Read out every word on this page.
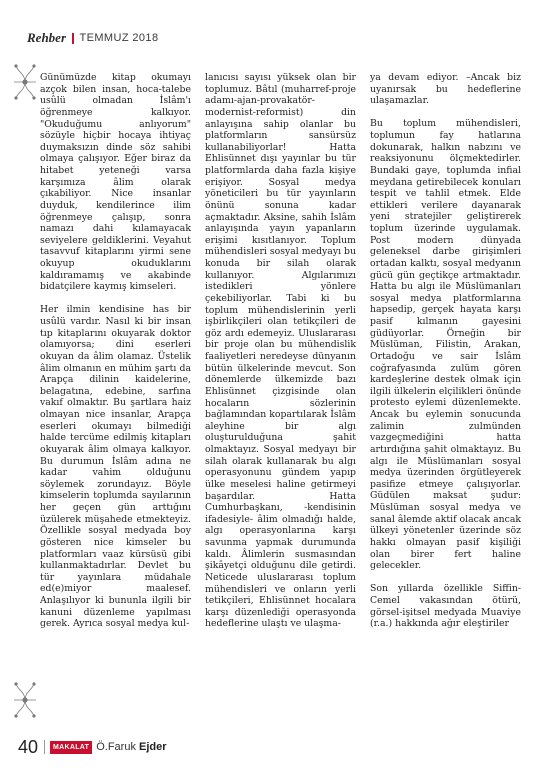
Rehber TEMMUZ 2018

Günümüzde kitap okumayı azçok bilen insan, hoca-talebe usûlü olmadan İslâm'ı öğrenmeye kalkıyor. "Okuduğumu anlıyorum" sözüyle hiçbir hocaya ihtiyaç duymaksızın dinde söz sahibi olmaya çalışıyor. Eğer biraz da hitabet yeteneği varsa karşımıza âlim olarak çıkabiliyor. Nice insanlar duyduk, kendilerince ilim öğrenmeye çalışıp, sonra namazı dahi kılamayacak seviyelere geldiklerini. Veyahut tasavvuf kitaplarını yirmi sene okuyup okuduklarını kaldıramamış ve akabinde bidatçilere kaymış kimseleri.

Her ilmin kendisine has bir usûlü vardır. Nasıl ki bir insan tıp kitaplarını okuyarak doktor olamıyorsa; dini eserleri okuyan da âlim olamaz. Üstelik âlim olmanın en mühim şartı da Arapça dilinin kaidelerine, belagatına, edebine, sarfına vakıf olmaktır. Bu şartlara haiz olmayan nice insanlar, Arapça eserleri okumayı bilmediği halde tercüme edilmiş kitapları okuyarak âlim olmaya kalkıyor. Bu durumun İslâm adına ne kadar vahim olduğunu söylemek zorundayız. Böyle kimselerin toplumda sayılarının her geçen gün arttığını üzülerek müşahede etmekteyiz. Özellikle sosyal medyada boy gösteren nice kimseler bu platformları vaaz kürsüsü gibi kullanmaktadırlar. Devlet bu tür yayınlara müdahale ed(e)miyor maalesef. Anlaşılıyor ki bununla ilgili bir kanuni düzenleme yapılması gerek. Ayrıca sosyal medya kul-

lanıcısı sayısı yüksek olan bir toplumuz. Bâtıl (muharref-proje adamı-ajan-provakatör-modernist-reformist) din anlayışına sahip olanlar bu platformların sansürsüz kullanabiliyorlar! Hatta Ehlisünnet dışı yayınlar bu tür platformlarda daha fazla kişiye erişiyor. Sosyal medya yöneticileri bu tür yayınların önünü sonuna kadar açmaktadır. Aksine, sahih İslâm anlayışında yayın yapanların erişimi kısıtlanıyor. Toplum mühendisleri sosyal medyayı bu konuda bir silah olarak kullanıyor. Algılarımızı istedikleri yönlere çekebiliyorlar. Tabi ki bu toplum mühendislerinin yerli işbirlikçileri olan tetikçileri de göz ardı edemeyiz. Uluslararası bir proje olan bu mühendislik faaliyetleri neredeyse dünyanın bütün ülkelerinde mevcut. Son dönemlerde ülkemizde bazı Ehlisünnet çizgisinde olan hocaların sözlerinin bağlamından kopartılarak İslâm aleyhine bir algı oluşturulduğuna şahit olmaktayız. Sosyal medyayı bir silah olarak kullanarak bu algı operasyonunu gündem yapıp ülke meselesi haline getirmeyi başardılar. Hatta Cumhurbaşkanı, -kendisinin ifadesiyle- âlim olmadığı halde, algı operasyonlarına karşı savunma yapmak durumunda kaldı. Âlimlerin susmasından şikâyetçi olduğunu dile getirdi. Neticede uluslararası toplum mühendisleri ve onların yerli tetikçileri, Ehlisünnet hocalara karşı düzenlediği operasyonda hedeflerine ulaştı ve ulaşma-

ya devam ediyor. –Ancak biz uyanırsak bu hedeflerine ulaşamazlar.

Bu toplum mühendisleri, toplumun fay hatlarına dokunarak, halkın nabzını ve reaksiyonunu ölçmektedirler. Bundaki gaye, toplumda infial meydana getirebilecek konuları tespit ve tahlil etmek. Elde ettikleri verilere dayanarak yeni stratejiler geliştirerek toplum üzerinde uygulamak. Post modern dünyada geleneksel darbe girişimleri ortadan kalktı, sosyal medyanın gücü gün geçtikçe artmaktadır. Hatta bu algı ile Müslümanları sosyal medya platformlarına hapsedip, gerçek hayata karşı pasif kılmanın gayesini güdüyorlar. Örneğin bir Müslüman, Filistin, Arakan, Ortadoğu ve sair İslâm coğrafyasında zulüm gören kardeşlerine destek olmak için ilgili ülkelerin elçilikleri önünde protesto eylemi düzenlemekte. Ancak bu eylemin sonucunda zalimin zulmünden vazgeçmediğini hatta artırdığına şahit olmaktayız. Bu algı ile Müslümanları sosyal medya üzerinden örgütleyerek pasifize etmeye çalışıyorlar. Güdülen maksat şudur: Müslüman sosyal medya ve sanal âlemde aktif olacak ancak ülkeyi yönetenler üzerinde söz hakkı olmayan pasif kişiliği olan birer fert haline gelecekler.

Son yıllarda özellikle Siffin-Cemel vakasından ötürü, görsel-işitsel medyada Muaviye (r.a.) hakkında ağır eleştiriler

40	MAKALAT Ö.Faruk Ejder
